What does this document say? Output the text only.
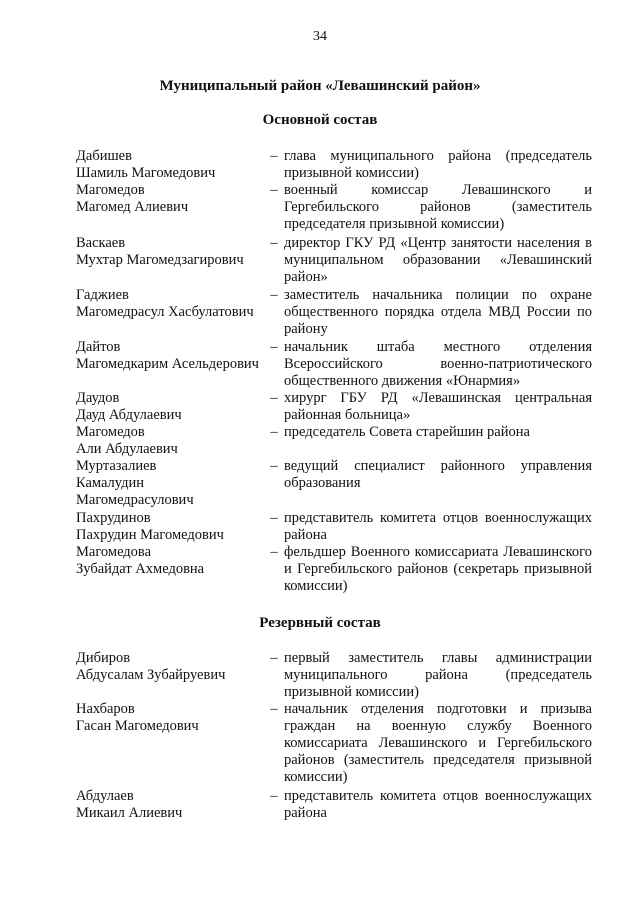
34
Муниципальный район «Левашинский район»
Основной состав
Дабишев
Шамиль Магомедович
– глава муниципального района (председатель призывной комиссии)
Магомедов
Магомед Алиевич
– военный комиссар Левашинского и Гергебильского районов (заместитель председателя призывной комиссии)
Васкаев
Мухтар Магомедзагирович
– директор ГКУ РД «Центр занятости населения в муниципальном образовании «Левашинский район»
Гаджиев
Магомедрасул Хасбулатович
– заместитель начальника полиции по охране общественного порядка отдела МВД России по району
Дайтов
Магомедкарим Асельдерович
– начальник штаба местного отделения Всероссийского военно-патриотического общественного движения «Юнармия»
Даудов
Дауд Абдулаевич
– хирург ГБУ РД «Левашинская центральная районная больница»
Магомедов
Али Абдулаевич
– председатель Совета старейшин района
Муртазалиев
Камалудин
Магомедрасулович
– ведущий специалист районного управления образования
Пахрудинов
Пахрудин Магомедович
– представитель комитета отцов военнослужащих района
Магомедова
Зубайдат Ахмедовна
– фельдшер Военного комиссариата Левашинского и Гергебильского районов (секретарь призывной комиссии)
Резервный состав
Дибиров
Абдусалам Зубайруевич
– первый заместитель главы администрации муниципального района (председатель призывной комиссии)
Нахбаров
Гасан Магомедович
– начальник отделения подготовки и призыва граждан на военную службу Военного комиссариата Левашинского и Гергебильского районов (заместитель председателя призывной комиссии)
Абдулаев
Микаил Алиевич
– представитель комитета отцов военнослужащих района
